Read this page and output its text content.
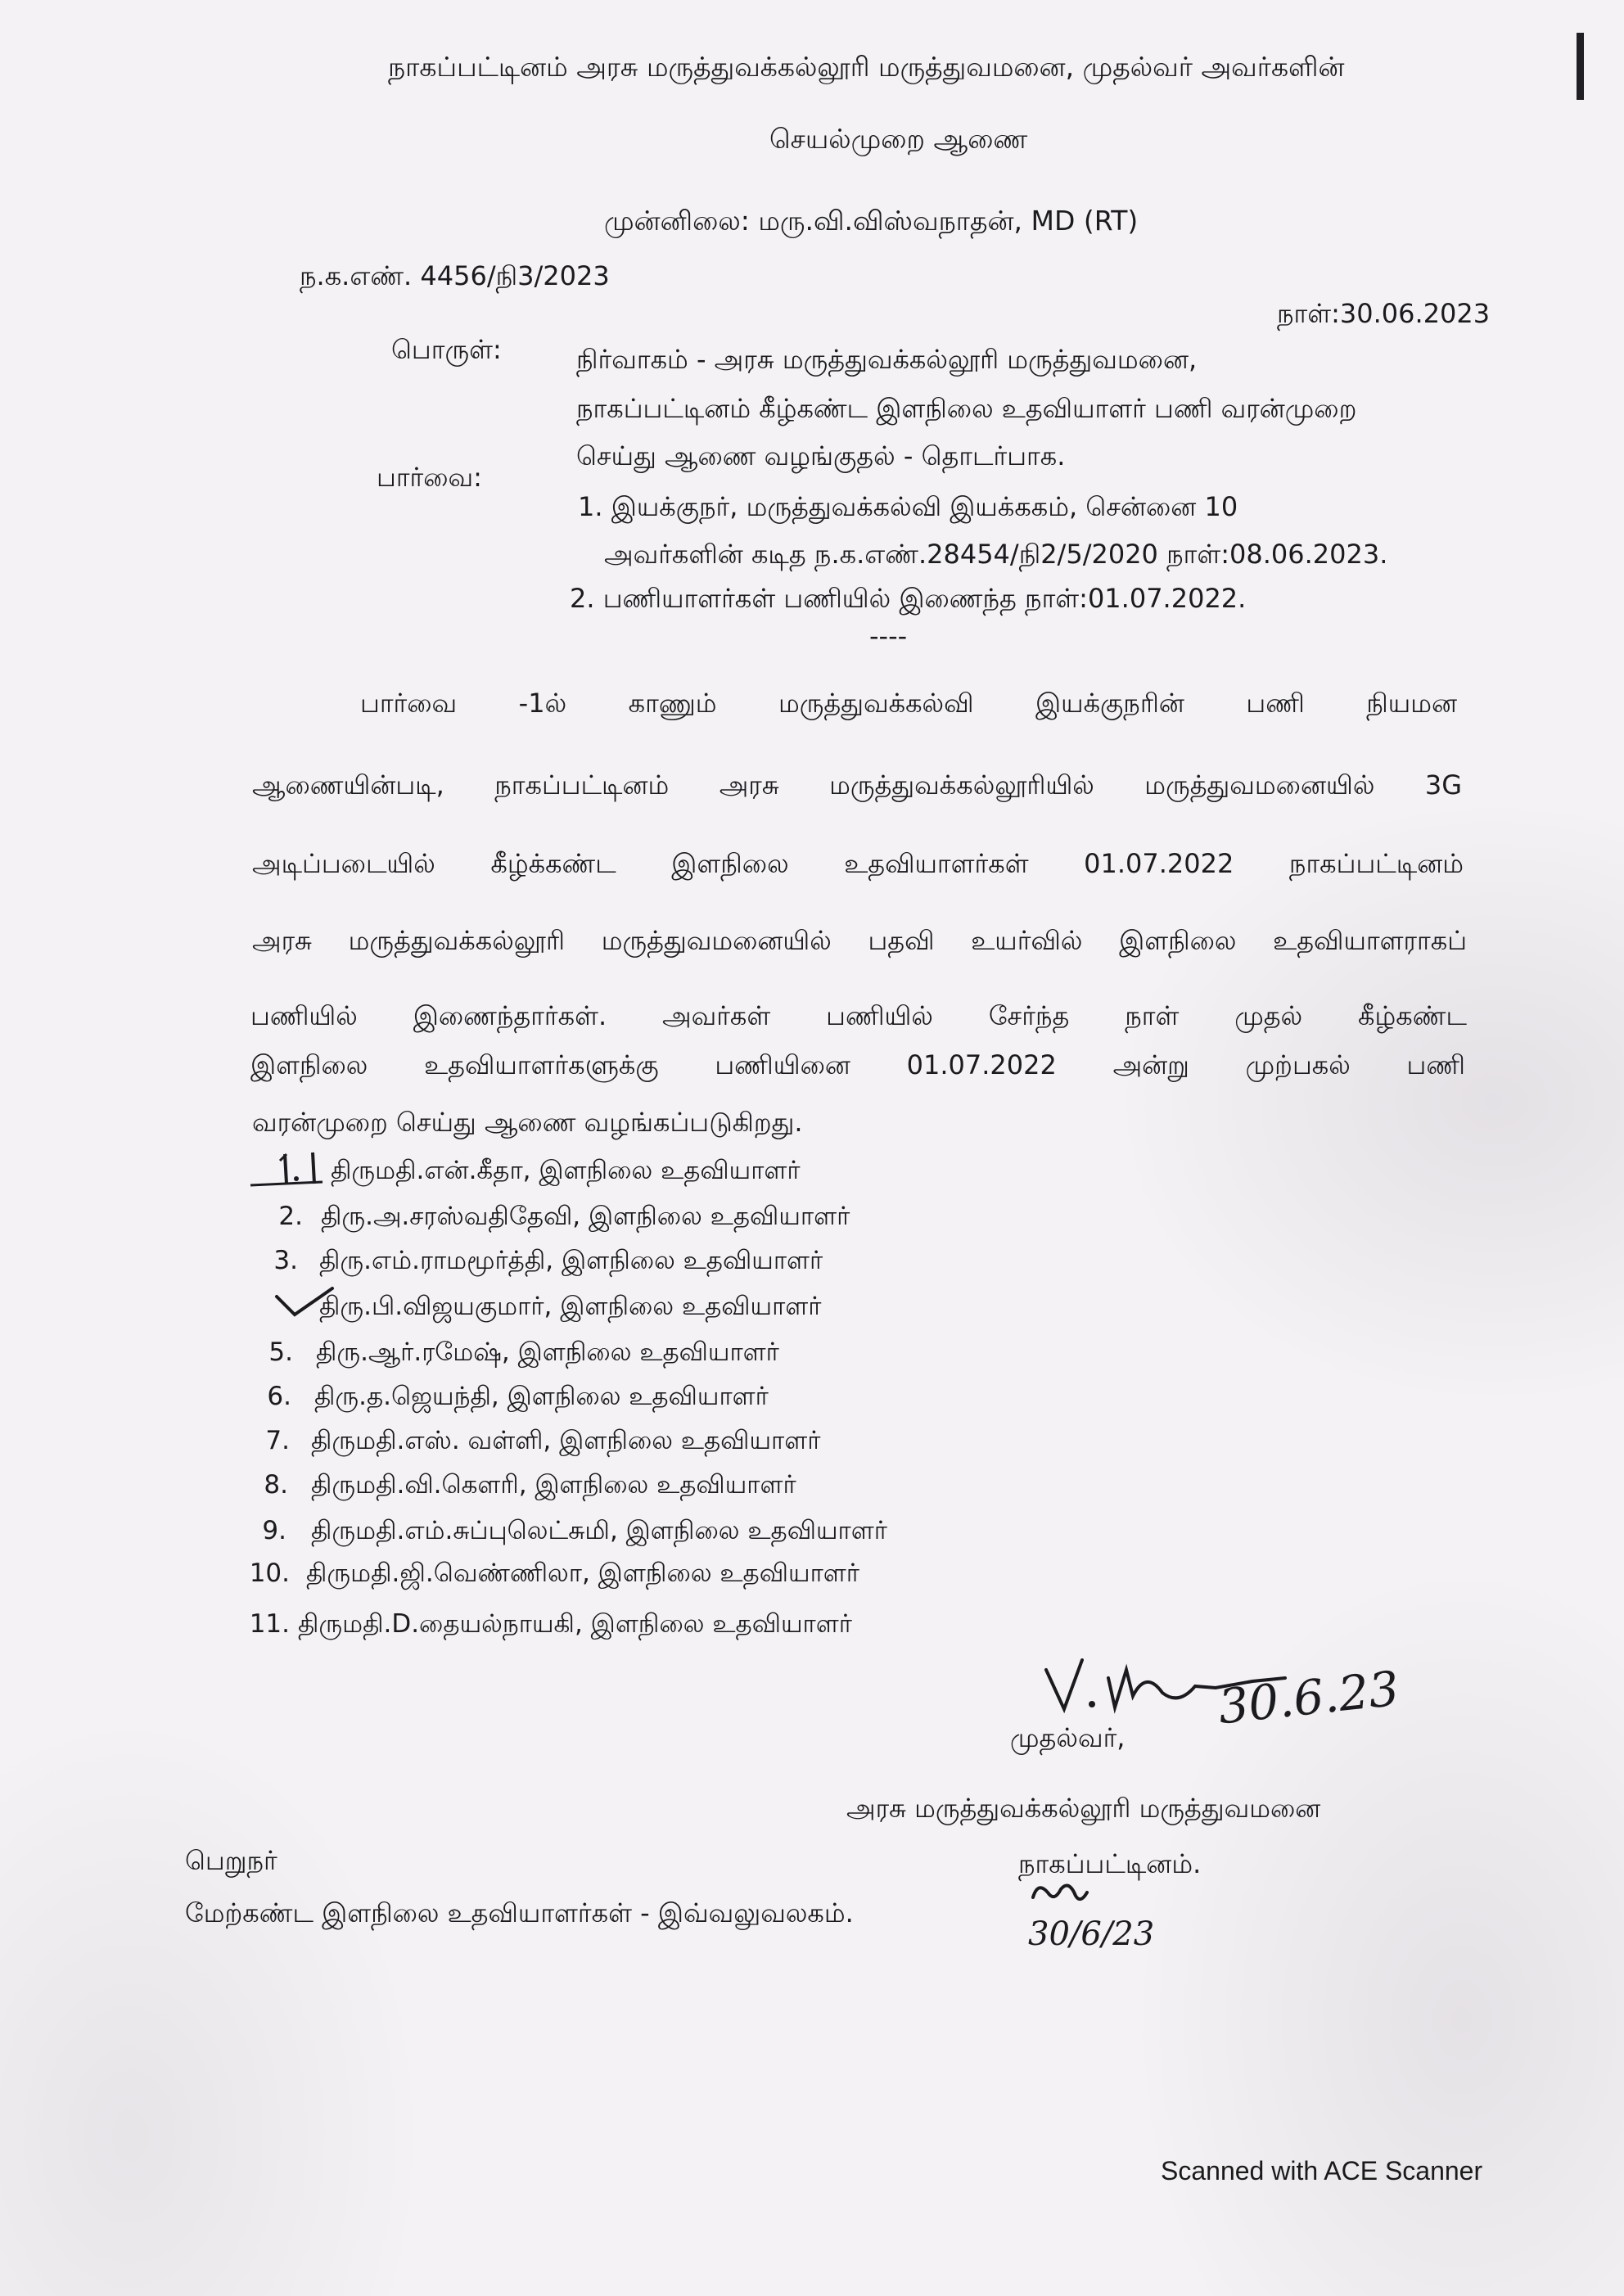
நாகப்பட்டினம் அரசு மருத்துவக்கல்லூரி மருத்துவமனை, முதல்வர் அவர்களின்
செயல்முறை ஆணை
முன்னிலை: மரு.வி.விஸ்வநாதன், MD (RT)
ந.க.எண். 4456/நி3/2023
நாள்:30.06.2023
பொருள்:	நிர்வாகம் - அரசு மருத்துவக்கல்லூரி மருத்துவமனை,
நாகப்பட்டினம் கீழ்கண்ட இளநிலை உதவியாளர் பணி வரன்முறை
செய்து ஆணை வழங்குதல் - தொடர்பாக.
பார்வை:
1. இயக்குநர், மருத்துவக்கல்வி இயக்ககம், சென்னை 10
அவர்களின் கடித ந.க.எண்.28454/நி2/5/2020 நாள்:08.06.2023.
2. பணியாளர்கள் பணியில் இணைந்த நாள்:01.07.2022.
----
பார்வை -1ல் காணும் மருத்துவக்கல்வி இயக்குநரின் பணி நியமன
ஆணையின்படி, நாகப்பட்டினம் அரசு மருத்துவக்கல்லூரியில் மருத்துவமனையில் 3G
அடிப்படையில் கீழ்க்கண்ட இளநிலை உதவியாளர்கள் 01.07.2022 நாகப்பட்டினம்
அரசு மருத்துவக்கல்லூரி மருத்துவமனையில் பதவி உயர்வில் இளநிலை உதவியாளராகப்
பணியில் இணைந்தார்கள். அவர்கள் பணியில் சேர்ந்த நாள் முதல் கீழ்கண்ட
இளநிலை உதவியாளர்களுக்கு பணியினை 01.07.2022 அன்று முற்பகல் பணி
வரன்முறை செய்து ஆணை வழங்கப்படுகிறது.
திருமதி.என்.கீதா, இளநிலை உதவியாளர்
2. திரு.அ.சரஸ்வதிதேவி, இளநிலை உதவியாளர்
3. திரு.எம்.ராமமூர்த்தி, இளநிலை உதவியாளர்
திரு.பி.விஜயகுமார், இளநிலை உதவியாளர்
5. திரு.ஆர்.ரமேஷ், இளநிலை உதவியாளர்
6. திரு.த.ஜெயந்தி, இளநிலை உதவியாளர்
7. திருமதி.எஸ். வள்ளி, இளநிலை உதவியாளர்
8. திருமதி.வி.கௌரி, இளநிலை உதவியாளர்
9. திருமதி.எம்.சுப்புலெட்சுமி, இளநிலை உதவியாளர்
10. திருமதி.ஜி.வெண்ணிலா, இளநிலை உதவியாளர்
11. திருமதி.D.தையல்நாயகி, இளநிலை உதவியாளர்
30.6.23
முதல்வர்,
அரசு மருத்துவக்கல்லூரி மருத்துவமனை
நாகப்பட்டினம்.
பெறுநர்
மேற்கண்ட இளநிலை உதவியாளர்கள் - இவ்வலுவலகம்.
30/6/23
Scanned with ACE Scanner
